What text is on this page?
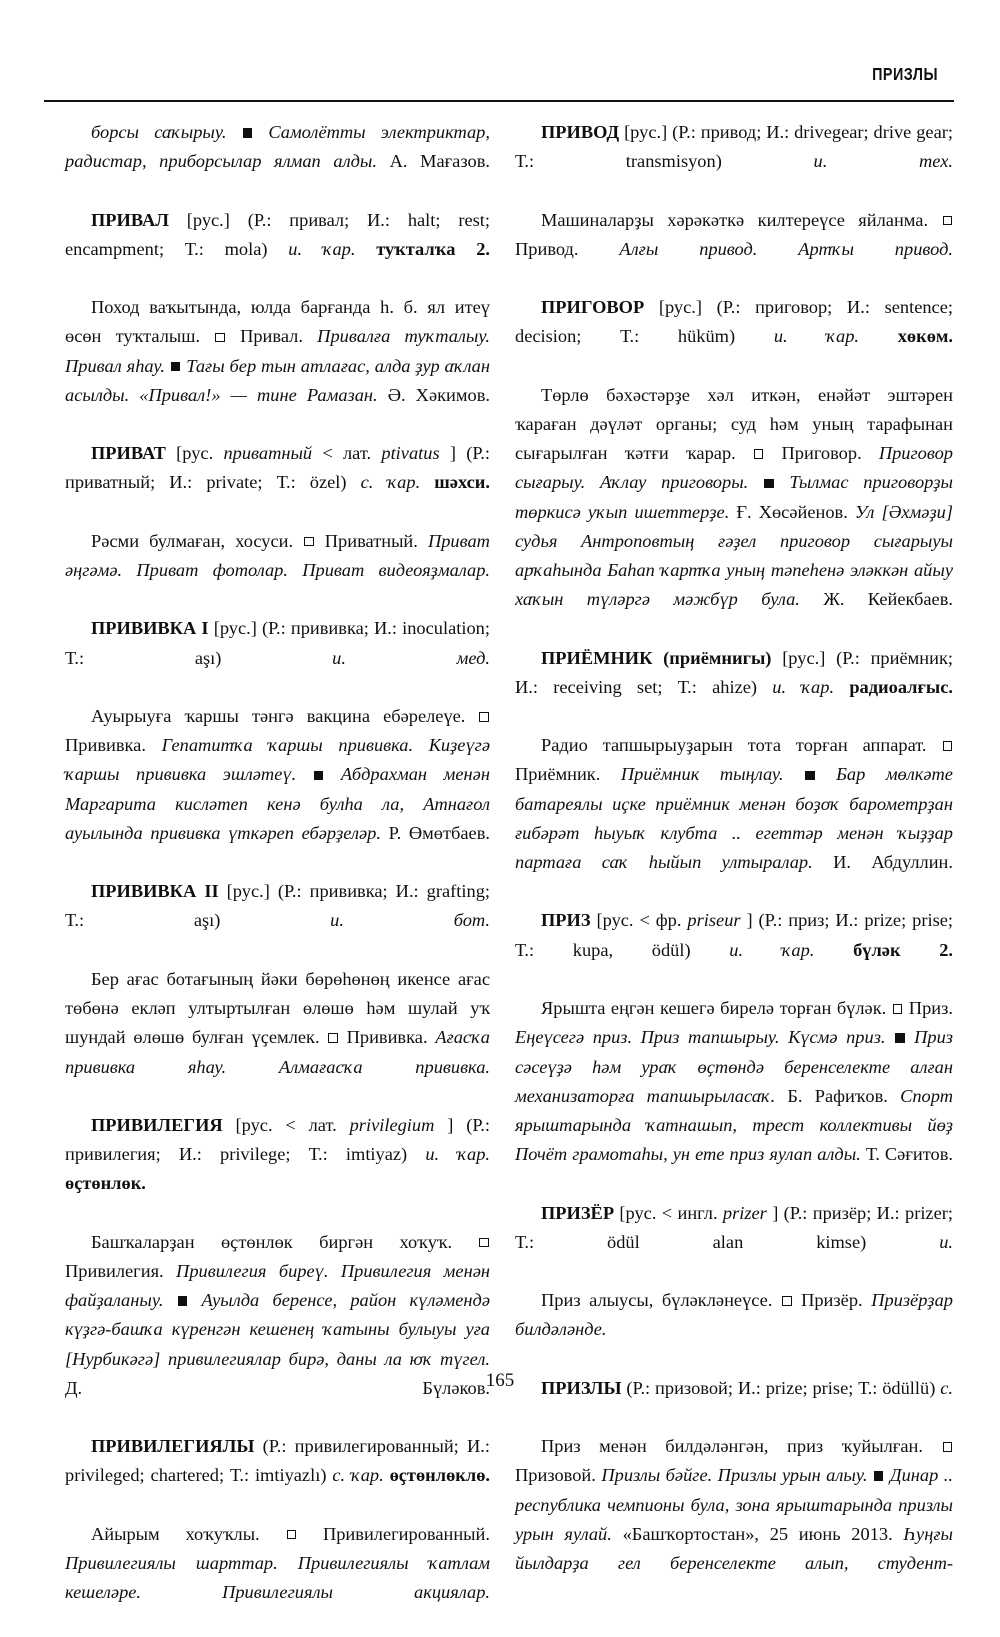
ПРИЗЛЫ

борсы саҡырыу. Самолётты электриктар, радистар, приборсылар ялмап алды. А. Мағазов.

ПРИВАЛ [рус.] (Р.: привал; И.: halt; rest; encampment; Т.: mola) и. ҡар. туҡталҡа 2.

Поход ваҡытында, юлда барғанда һ. б. ял итеү өсөн туҡталыш. Привал. Привалға туҡталыу. Привал яһау. Тағы бер тын атлағас, алда ҙур аҡлан асылды. «Привал!» — тине Рамазан. Ә. Хәкимов.

ПРИВАТ [рус. приватный < лат. ptivatus ] (Р.: приватный; И.: private; Т.: özel) с. ҡар. шәхси.

Рәсми булмаған, хосуси. Приватный. Приват әңгәмә. Приват фотолар. Приват видеояҙмалар.

ПРИВИВКА I [рус.] (Р.: прививка; И.: inoculation; Т.: aşı)	и. мед.

Ауырыуға ҡаршы тәнгә вакцина ебәрелеүе.  Прививка. Гепатитҡа ҡаршы прививка. Киҙеүгә ҡаршы прививка эшләтеү. Абдрахман менән Маргарита кисләтеп кенә булһа ла, Атнағол ауылында прививка үткәреп ебәрҙеләр. Р. Өмөтбаев.

ПРИВИВКА II [рус.] (Р.: прививка; И.: grafting; Т.: aşı)	и. бот.

Бер ағас ботағының йәки бөрөһөнөң икенсе ағас төбөнә екләп ултыртылған өлөшө һәм шулай уҡ шундай өлөшө булған үҫемлек. Прививка. Ағасҡа прививка яһау. Алмағасҡа прививка.

ПРИВИЛЕГИЯ [рус. < лат. privilegium ] (Р.: привилегия; И.: privilege; Т.: imtiyaz) и. ҡар. өҫтөнлөк.

Башҡаларҙан өҫтөнлөк биргән хоҡуҡ.  Привилегия. Привилегия биреү. Привилегия менән файҙаланыу. Ауылда беренсе, район күләмендә күҙгә-башҡа күренгән кешенең ҡатыны булыуы уға [Нурбикәгә] привилегиялар бирә, даны ла юҡ түгел. Д. Бүләков.

ПРИВИЛЕГИЯЛЫ (Р.: привилегированный; И.: privileged; chartered; Т.: imtiyazlı) с. ҡар. өҫтөнлөклө.

Айырым хоҡуҡлы.	Привилегированный. Привилегиялы шарттар. Привилегиялы ҡатлам кешеләре. Привилегиялы акциялар.

ПРИВОД [рус.] (Р.: привод; И.: drivegear; drive gear; Т.: transmisyon)	и. тех.

Машиналарҙы хәрәкәткә килтереүсе яйланма.  Привод. Алғы привод. Артҡы привод.

ПРИГОВОР [рус.] (Р.: приговор; И.: sentence; decision; Т.: hüküm) и. ҡар. хөкөм.

Төрлө бәхәстәрҙе хәл иткән, енәйәт эштәрен ҡараған дәүләт органы; суд һәм уның тарафынан сығарылған ҡәтғи ҡарар. Приговор. Приговор сығарыу. Аҡлау приговоры. Тылмас приговорҙы төркисә уҡып ишеттерҙе. Ғ. Хөсәйенов. Ул [Әхмәҙи] судья Антроповтың ғәҙел приговор сығарыуы арҡаһында Баһап ҡартҡа уның тәпеһенә эләккән айыу хаҡын түләргә мәжбүр була. Ж. Кейекбаев.

ПРИЁМНИК (приёмнигы) [рус.] (Р.: приёмник; И.: receiving set; Т.: ahize) и. ҡар. радиоалғыс.

Радио тапшырыуҙарын тота торған аппарат.  Приёмник. Приёмник тыңлау.	Бар мөлкәте батареялы иҫке приёмник менән боҙоҡ барометрҙан ғибәрәт һыуыҡ клубта .. егеттәр менән ҡыҙҙар партаға саҡ һыйып ултыралар. И. Абдуллин.

ПРИЗ [рус. < фр. priseur ] (Р.: приз; И.: prize; prise; Т.: kupa, ödül) и. ҡар. бүләк 2.

Ярышта еңгән кешегә бирелә торған бүләк. Приз. Еңеүсегә приз. Приз тапшырыу. Күсмә приз. Приз сәсеүҙә һәм ураҡ өҫтөндә беренселекте алған механизаторға тапшырыласаҡ. Б. Рафиҡов. Спорт ярыштарында ҡатнашып, трест коллективы йөҙ Почёт грамотаһы, ун ете приз яулап алды. Т. Сәғитов.

ПРИЗЁР [рус. < ингл. prizer ] (Р.: призёр; И.: prizer; Т.: ödül alan kimse)	и.

Приз алыусы, бүләкләнеүсе. Призёр. Призёрҙар билдәләнде.

ПРИЗЛЫ (Р.: призовой; И.: prize; prise; Т.: ödüllü) с.

Приз менән билдәләнгән, приз ҡуйылған.  Призовой. Призлы бәйге. Призлы урын алыу. Динар .. республика чемпионы була, зона ярыштарында призлы урын яулай. «Башҡортостан», 25 июнь 2013. Һуңғы йылдарҙа гел беренселекте алып, студент-

165
